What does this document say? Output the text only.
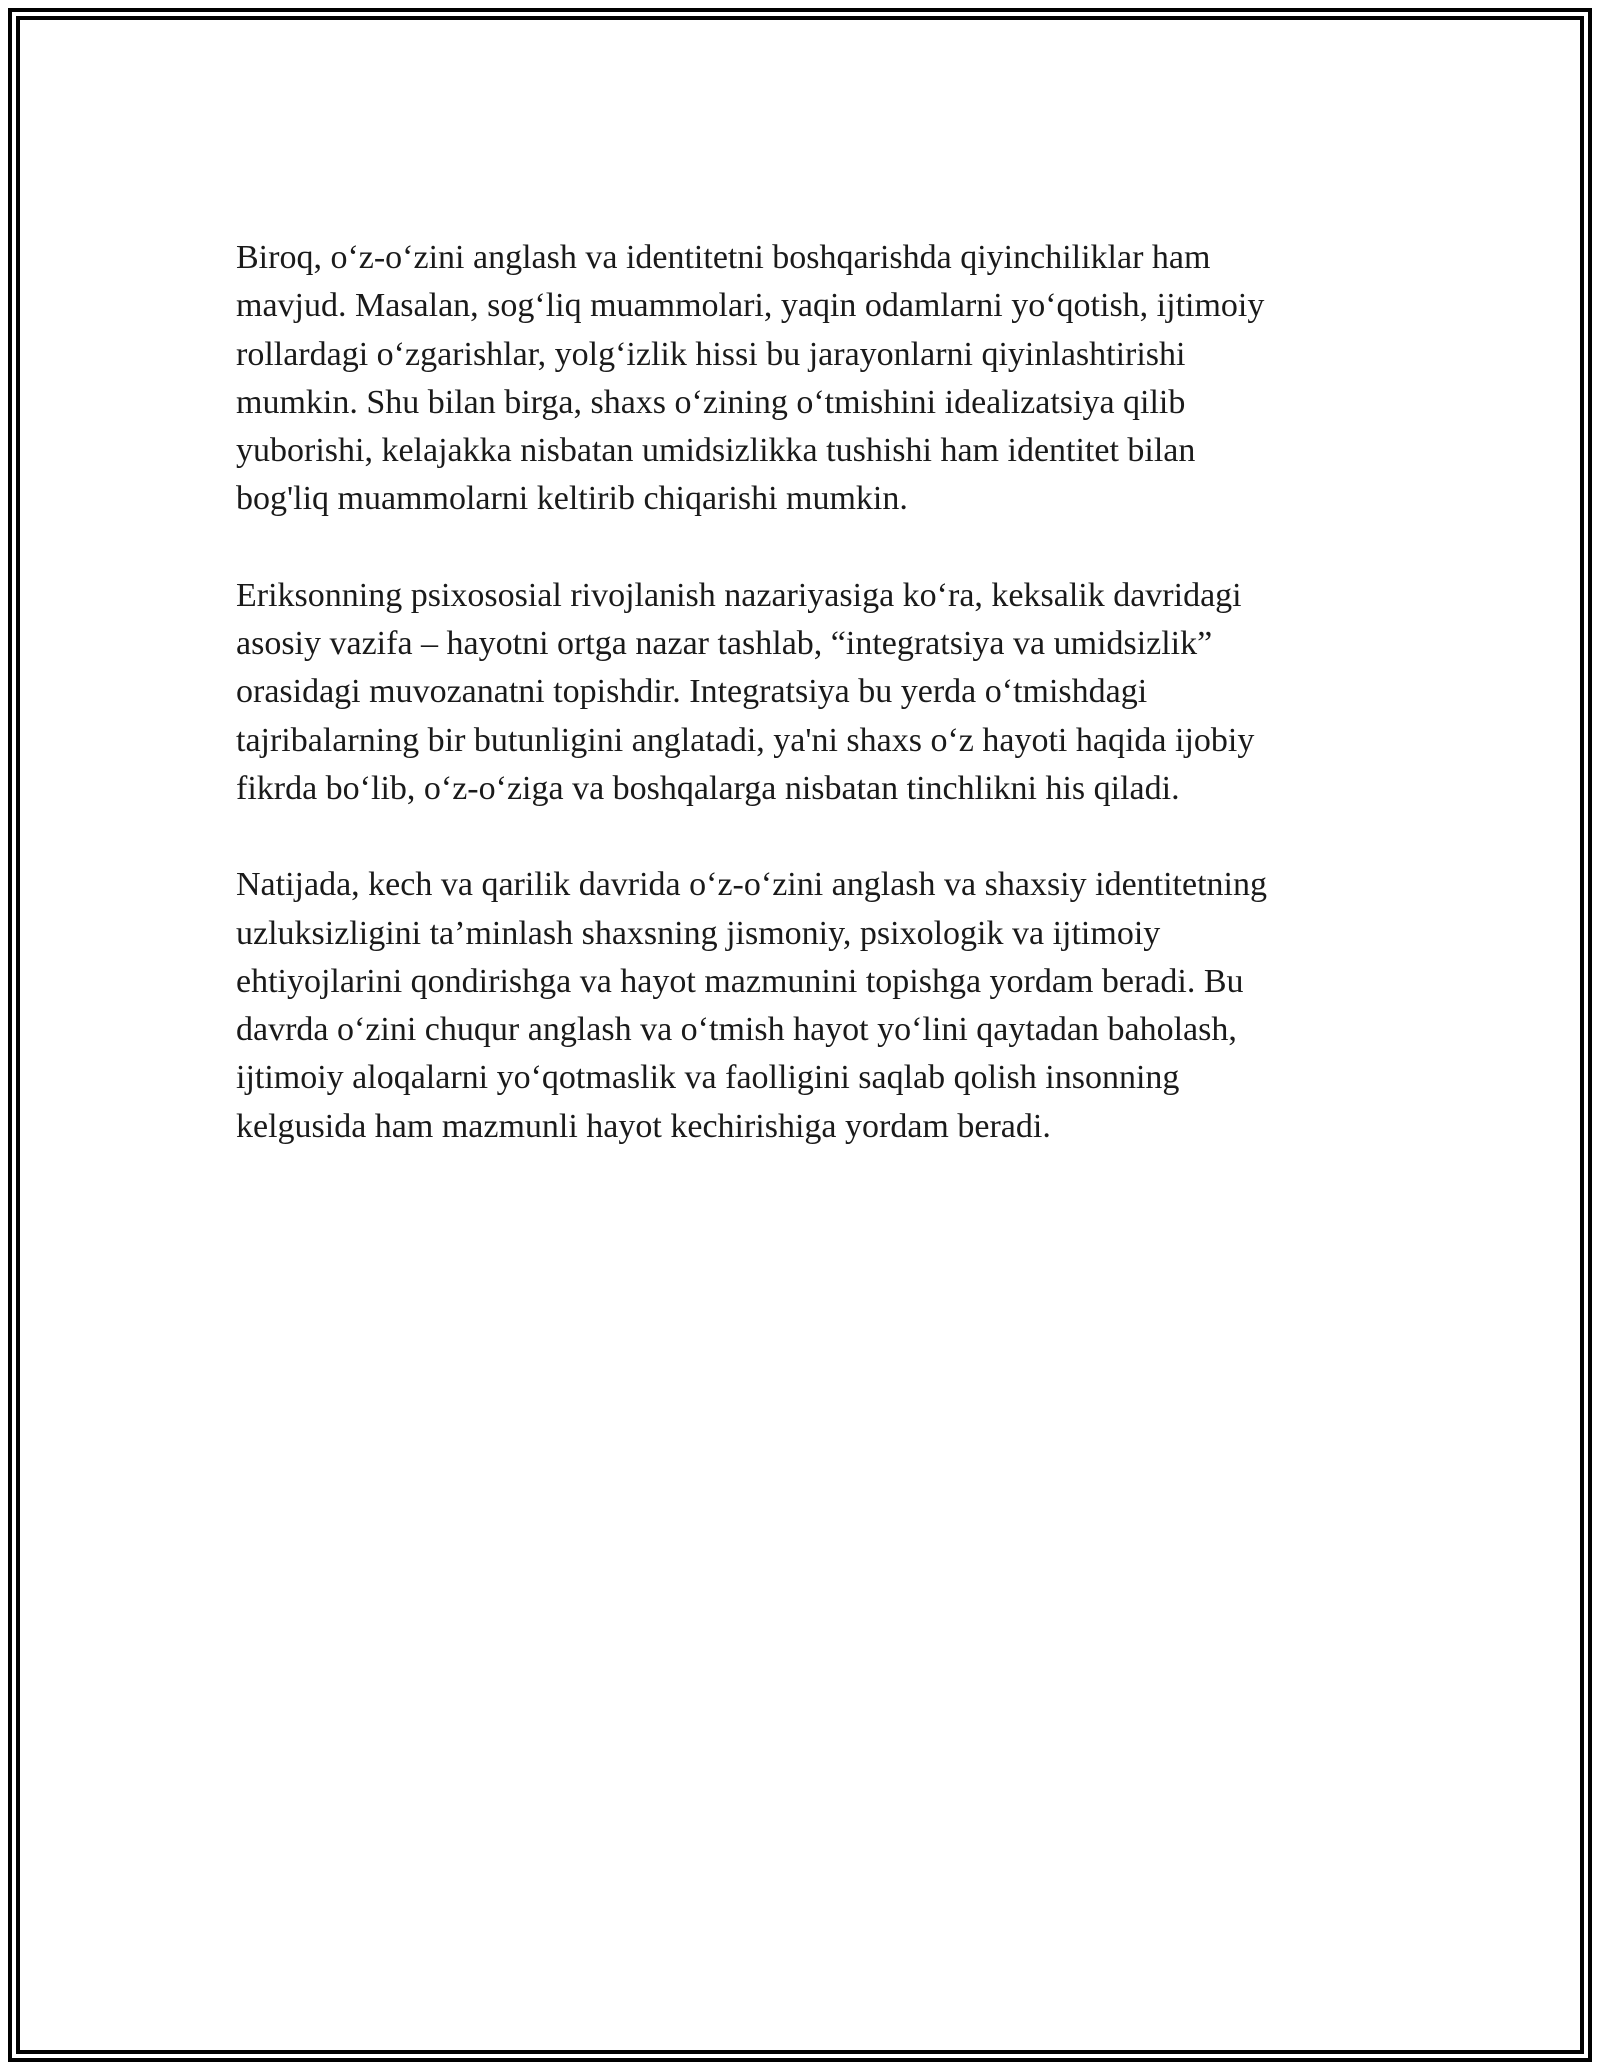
Biroq, o‘z-o‘zini anglash va identitetni boshqarishda qiyinchiliklar ham
mavjud. Masalan, sog‘liq muammolari, yaqin odamlarni yo‘qotish, ijtimoiy
rollardagi o‘zgarishlar, yolg‘izlik hissi bu jarayonlarni qiyinlashtirishi
mumkin. Shu bilan birga, shaxs o‘zining o‘tmishini idealizatsiya qilib
yuborishi, kelajakka nisbatan umidsizlikka tushishi ham identitet bilan
bog'liq muammolarni keltirib chiqarishi mumkin.

Eriksonning psixososial rivojlanish nazariyasiga ko‘ra, keksalik davridagi
asosiy vazifa – hayotni ortga nazar tashlab, “integratsiya va umidsizlik”
orasidagi muvozanatni topishdir. Integratsiya bu yerda o‘tmishdagi
tajribalarning bir butunligini anglatadi, ya'ni shaxs o‘z hayoti haqida ijobiy
fikrda bo‘lib, o‘z-o‘ziga va boshqalarga nisbatan tinchlikni his qiladi.

Natijada, kech va qarilik davrida o‘z-o‘zini anglash va shaxsiy identitetning
uzluksizligini ta’minlash shaxsning jismoniy, psixologik va ijtimoiy
ehtiyojlarini qondirishga va hayot mazmunini topishga yordam beradi. Bu
davrda o‘zini chuqur anglash va o‘tmish hayot yo‘lini qaytadan baholash,
ijtimoiy aloqalarni yo‘qotmaslik va faolligini saqlab qolish insonning
kelgusida ham mazmunli hayot kechirishiga yordam beradi.
